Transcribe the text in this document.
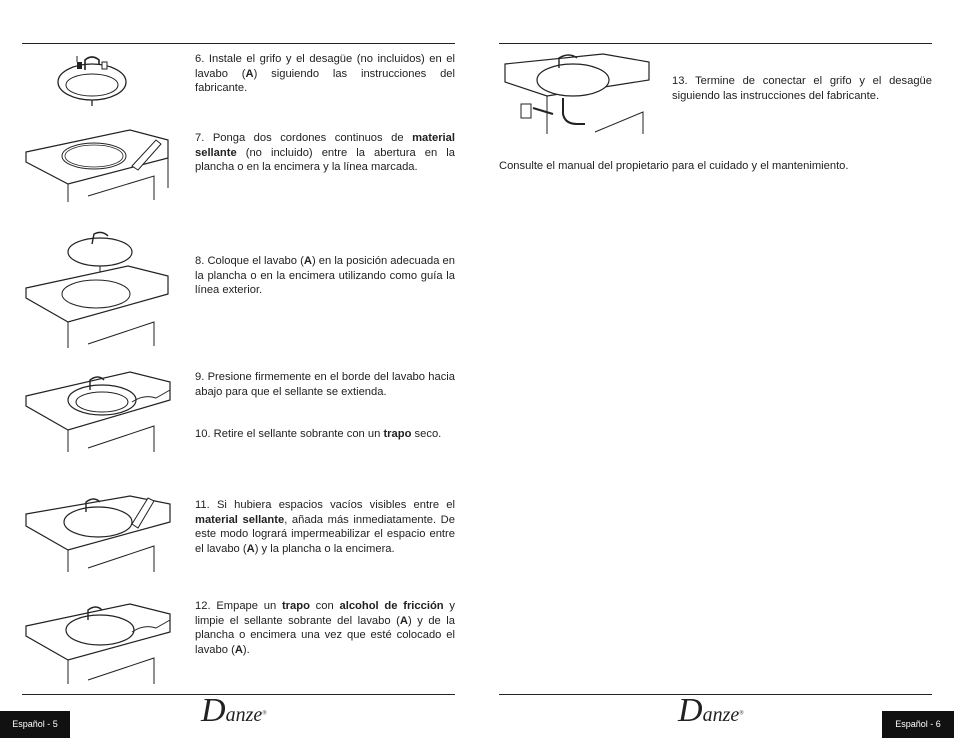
6. Instale el grifo y el desagüe (no incluidos) en el lavabo (A) siguiendo las instrucciones del fabricante.
7. Ponga dos cordones continuos de material sellante (no incluido) entre la abertura en la plancha o en la encimera y la línea marcada.
8. Coloque el lavabo (A) en la posición adecuada en la plancha o en la encimera utilizando como guía la línea exterior.
9. Presione firmemente en el borde del lavabo hacia abajo para que el sellante se extienda.
10. Retire el sellante sobrante con un trapo seco.
11. Si hubiera espacios vacíos visibles entre el material sellante, añada más inmediatamente. De este modo logrará impermeabilizar el espacio entre el lavabo (A) y la plancha o la encimera.
12. Empape un trapo con alcohol de fricción y limpie el sellante sobrante del lavabo (A) y de la plancha o encimera una vez que esté colocado el lavabo (A).
13. Termine de conectar el grifo y el desagüe siguiendo las instrucciones del fabricante.
Consulte el manual del propietario para el cuidado y el mantenimiento.
Danze®	Danze®
Español - 5	Español - 6
